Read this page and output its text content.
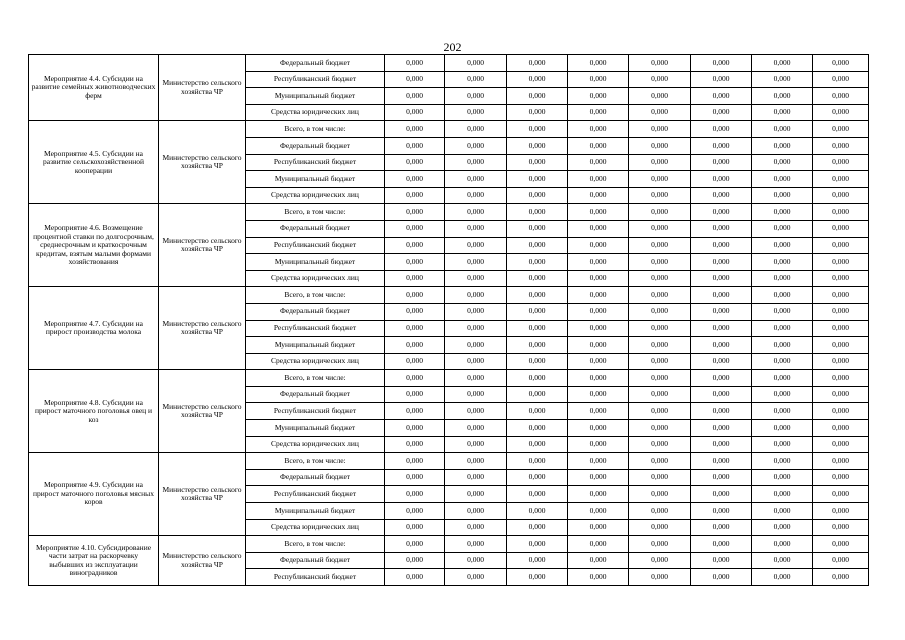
202
Мероприятие 4.4. Субсидии на развитие семейных животноводческих ферм	Министерство сельского хозяйства ЧР	Федеральный бюджет	0,000	0,000	0,000	0,000	0,000	0,000	0,000	0,000
		Республиканский бюджет	0,000	0,000	0,000	0,000	0,000	0,000	0,000	0,000
		Муниципальный бюджет	0,000	0,000	0,000	0,000	0,000	0,000	0,000	0,000
		Средства юридических лиц	0,000	0,000	0,000	0,000	0,000	0,000	0,000	0,000
Мероприятие 4.5. Субсидии на развитие сельскохозяйственной кооперации	Министерство сельского хозяйства ЧР	Всего, в том числе:	0,000	0,000	0,000	0,000	0,000	0,000	0,000	0,000
		Федеральный бюджет	0,000	0,000	0,000	0,000	0,000	0,000	0,000	0,000
		Республиканский бюджет	0,000	0,000	0,000	0,000	0,000	0,000	0,000	0,000
		Муниципальный бюджет	0,000	0,000	0,000	0,000	0,000	0,000	0,000	0,000
		Средства юридических лиц	0,000	0,000	0,000	0,000	0,000	0,000	0,000	0,000
Мероприятие 4.6. Возмещение процентной ставки по долгосрочным, среднесрочным и краткосрочным кредитам, взятым малыми формами хозяйствования	Министерство сельского хозяйства ЧР	Всего, в том числе:	0,000	0,000	0,000	0,000	0,000	0,000	0,000	0,000
		Федеральный бюджет	0,000	0,000	0,000	0,000	0,000	0,000	0,000	0,000
		Республиканский бюджет	0,000	0,000	0,000	0,000	0,000	0,000	0,000	0,000
		Муниципальный бюджет	0,000	0,000	0,000	0,000	0,000	0,000	0,000	0,000
		Средства юридических лиц	0,000	0,000	0,000	0,000	0,000	0,000	0,000	0,000
Мероприятие 4.7. Субсидии на прирост производства молока	Министерство сельского хозяйства ЧР	Всего, в том числе:	0,000	0,000	0,000	0,000	0,000	0,000	0,000	0,000
		Федеральный бюджет	0,000	0,000	0,000	0,000	0,000	0,000	0,000	0,000
		Республиканский бюджет	0,000	0,000	0,000	0,000	0,000	0,000	0,000	0,000
		Муниципальный бюджет	0,000	0,000	0,000	0,000	0,000	0,000	0,000	0,000
		Средства юридических лиц	0,000	0,000	0,000	0,000	0,000	0,000	0,000	0,000
Мероприятие 4.8. Субсидии на прирост маточного поголовья овец и коз	Министерство сельского хозяйства ЧР	Всего, в том числе:	0,000	0,000	0,000	0,000	0,000	0,000	0,000	0,000
		Федеральный бюджет	0,000	0,000	0,000	0,000	0,000	0,000	0,000	0,000
		Республиканский бюджет	0,000	0,000	0,000	0,000	0,000	0,000	0,000	0,000
		Муниципальный бюджет	0,000	0,000	0,000	0,000	0,000	0,000	0,000	0,000
		Средства юридических лиц	0,000	0,000	0,000	0,000	0,000	0,000	0,000	0,000
Мероприятие 4.9. Субсидии на прирост маточного поголовья мясных коров	Министерство сельского хозяйства ЧР	Всего, в том числе:	0,000	0,000	0,000	0,000	0,000	0,000	0,000	0,000
		Федеральный бюджет	0,000	0,000	0,000	0,000	0,000	0,000	0,000	0,000
		Республиканский бюджет	0,000	0,000	0,000	0,000	0,000	0,000	0,000	0,000
		Муниципальный бюджет	0,000	0,000	0,000	0,000	0,000	0,000	0,000	0,000
		Средства юридических лиц	0,000	0,000	0,000	0,000	0,000	0,000	0,000	0,000
Мероприятие 4.10. Субсидирование части затрат на раскорчевку выбывших из эксплуатации виноградников	Министерство сельского хозяйства ЧР	Всего, в том числе:	0,000	0,000	0,000	0,000	0,000	0,000	0,000	0,000
		Федеральный бюджет	0,000	0,000	0,000	0,000	0,000	0,000	0,000	0,000
		Республиканский бюджет	0,000	0,000	0,000	0,000	0,000	0,000	0,000	0,000
